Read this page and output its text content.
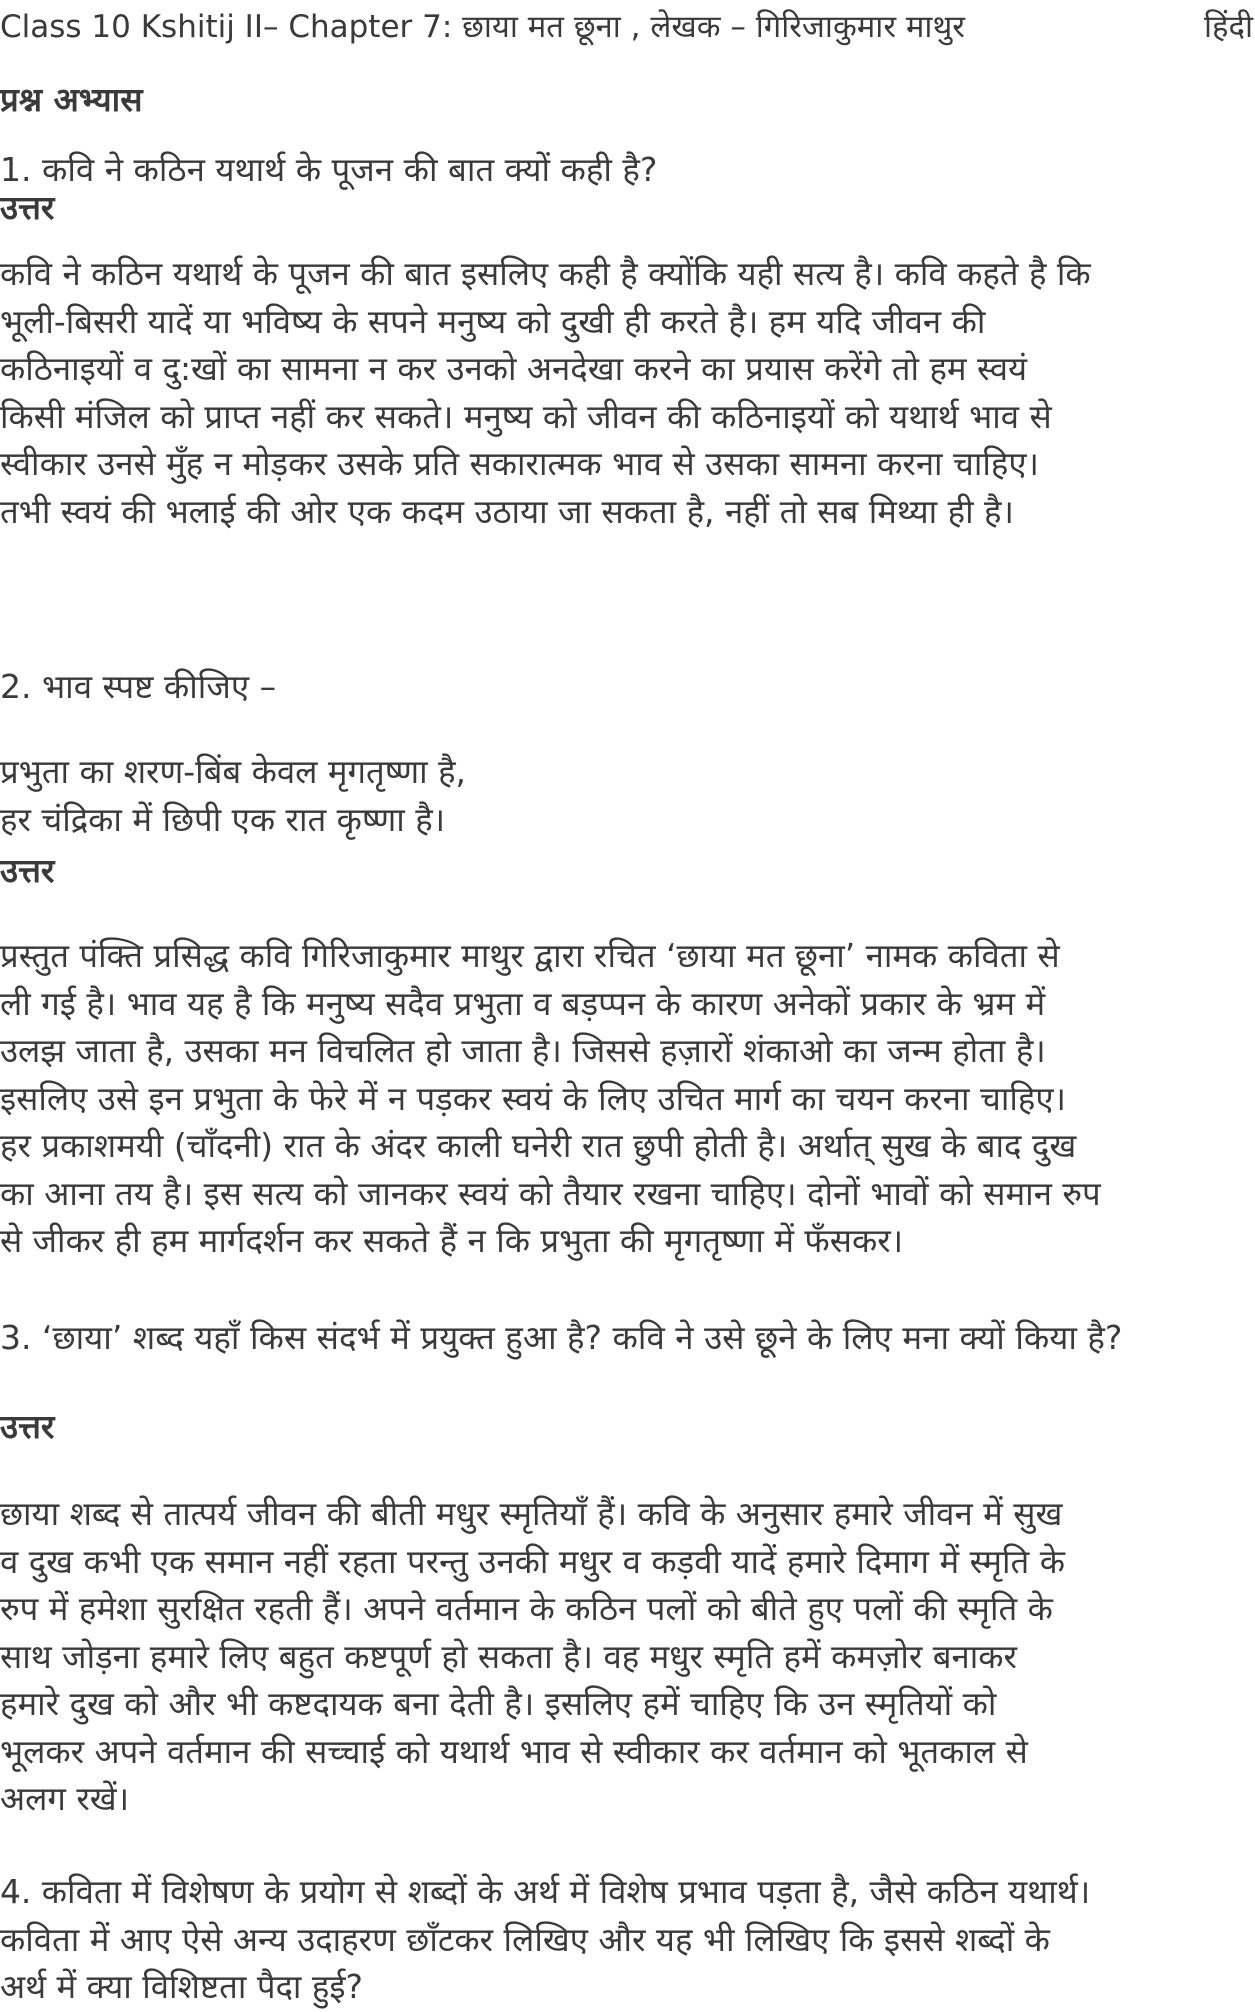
Class 10 Kshitij II– Chapter 7: छाया मत छूना , लेखक – गिरिजाकुमार माथुर	हिंदी
प्रश्न अभ्यास
1. कवि ने कठिन यथार्थ के पूजन की बात क्यों कही है?
उत्तर
कवि ने कठिन यथार्थ के पूजन की बात इसलिए कही है क्योंकि यही सत्य है। कवि कहते है कि
भूली-बिसरी यादें या भविष्य के सपने मनुष्य को दुखी ही करते है। हम यदि जीवन की
कठिनाइयों व दु:खों का सामना न कर उनको अनदेखा करने का प्रयास करेंगे तो हम स्वयं
किसी मंजिल को प्राप्त नहीं कर सकते। मनुष्य को जीवन की कठिनाइयों को यथार्थ भाव से
स्वीकार उनसे मुँह न मोड़कर उसके प्रति सकारात्मक भाव से उसका सामना करना चाहिए।
तभी स्वयं की भलाई की ओर एक कदम उठाया जा सकता है, नहीं तो सब मिथ्या ही है।
2. भाव स्पष्ट कीजिए –
प्रभुता का शरण-बिंब केवल मृगतृष्णा है,
हर चंद्रिका में छिपी एक रात कृष्णा है।
उत्तर
प्रस्तुत पंक्ति प्रसिद्ध कवि गिरिजाकुमार माथुर द्वारा रचित ‘छाया मत छूना’ नामक कविता से
ली गई है। भाव यह है कि मनुष्य सदैव प्रभुता व बड़प्पन के कारण अनेकों प्रकार के भ्रम में
उलझ जाता है, उसका मन विचलित हो जाता है। जिससे हज़ारों शंकाओ का जन्म होता है।
इसलिए उसे इन प्रभुता के फेरे में न पड़कर स्वयं के लिए उचित मार्ग का चयन करना चाहिए।
हर प्रकाशमयी (चाँदनी) रात के अंदर काली घनेरी रात छुपी होती है। अर्थात् सुख के बाद दुख
का आना तय है। इस सत्य को जानकर स्वयं को तैयार रखना चाहिए। दोनों भावों को समान रुप
से जीकर ही हम मार्गदर्शन कर सकते हैं न कि प्रभुता की मृगतृष्णा में फँसकर।
3. ‘छाया’ शब्द यहाँ किस संदर्भ में प्रयुक्त हुआ है? कवि ने उसे छूने के लिए मना क्यों किया है?
उत्तर
छाया शब्द से तात्पर्य जीवन की बीती मधुर स्मृतियाँ हैं। कवि के अनुसार हमारे जीवन में सुख
व दुख कभी एक समान नहीं रहता परन्तु उनकी मधुर व कड़वी यादें हमारे दिमाग में स्मृति के
रुप में हमेशा सुरक्षित रहती हैं। अपने वर्तमान के कठिन पलों को बीते हुए पलों की स्मृति के
साथ जोड़ना हमारे लिए बहुत कष्टपूर्ण हो सकता है। वह मधुर स्मृति हमें कमज़ोर बनाकर
हमारे दुख को और भी कष्टदायक बना देती है। इसलिए हमें चाहिए कि उन स्मृतियों को
भूलकर अपने वर्तमान की सच्चाई को यथार्थ भाव से स्वीकार कर वर्तमान को भूतकाल से
अलग रखें।
4. कविता में विशेषण के प्रयोग से शब्दों के अर्थ में विशेष प्रभाव पड़ता है, जैसे कठिन यथार्थ।
कविता में आए ऐसे अन्य उदाहरण छाँटकर लिखिए और यह भी लिखिए कि इससे शब्दों के
अर्थ में क्या विशिष्टता पैदा हुई?
